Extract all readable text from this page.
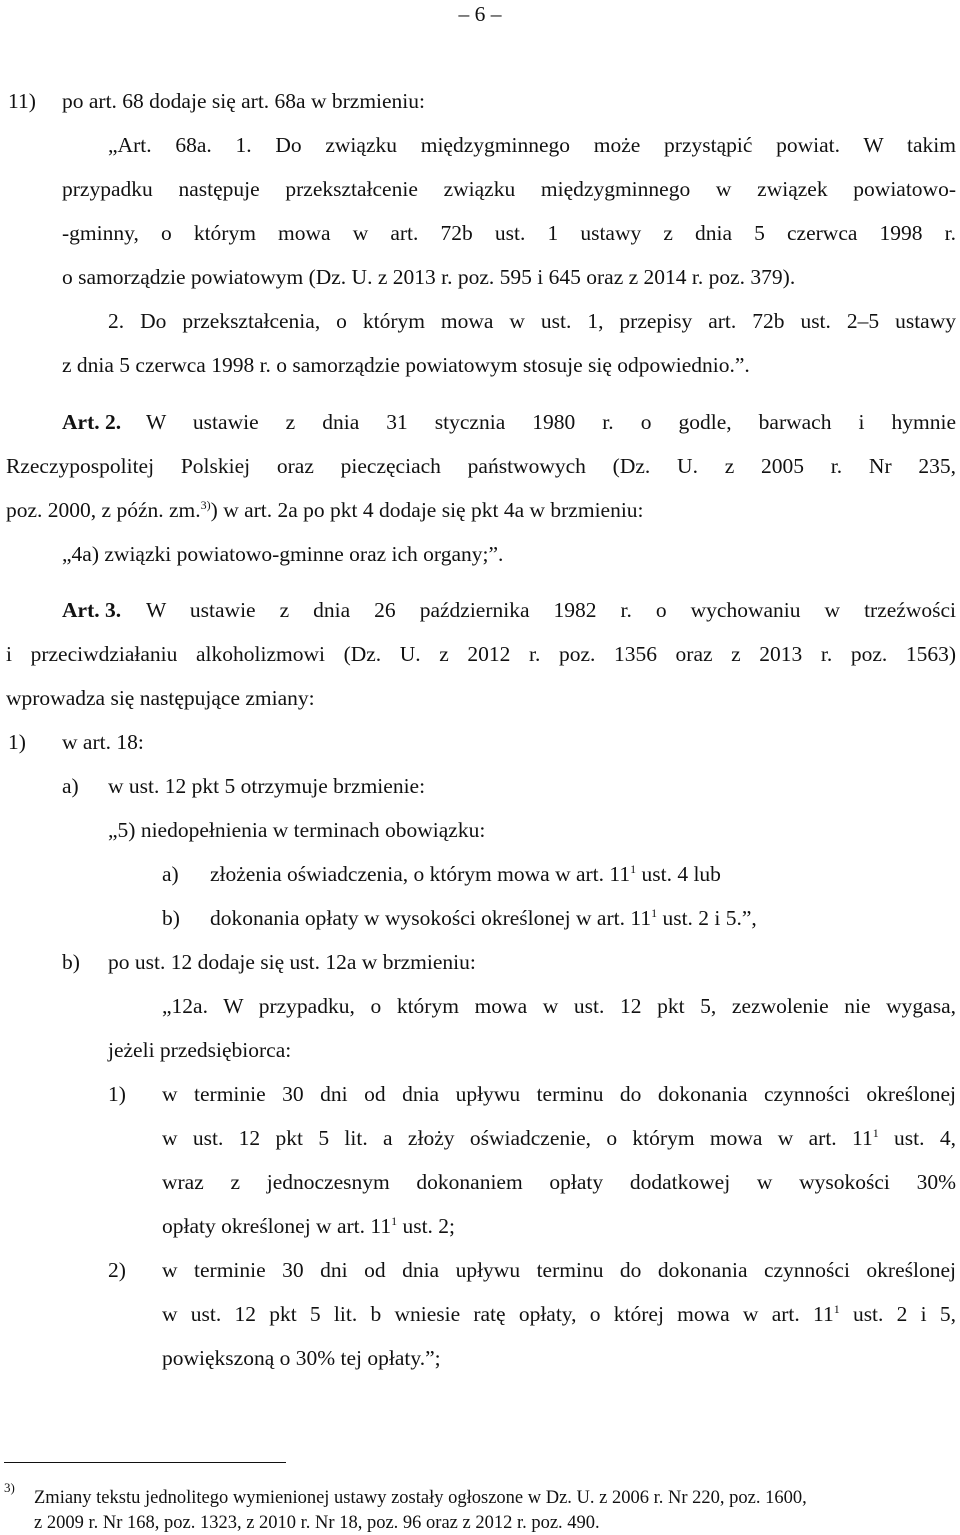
– 6 –
11) po art. 68 dodaje się art. 68a w brzmieniu:
„Art. 68a. 1. Do związku międzygminnego może przystąpić powiat. W takim
przypadku następuje przekształcenie związku międzygminnego w związek powiatowo-
-gminny, o którym mowa w art. 72b ust. 1 ustawy z dnia 5 czerwca 1998 r.
o samorządzie powiatowym (Dz. U. z 2013 r. poz. 595 i 645 oraz z 2014 r. poz. 379).
2. Do przekształcenia, o którym mowa w ust. 1, przepisy art. 72b ust. 2–5 ustawy
z dnia 5 czerwca 1998 r. o samorządzie powiatowym stosuje się odpowiednio.”.
Art. 2. W ustawie z dnia 31 stycznia 1980 r. o godle, barwach i hymnie
Rzeczypospolitej Polskiej oraz pieczęciach państwowych (Dz. U. z 2005 r. Nr 235,
poz. 2000, z późn. zm.$^{3)}$) w art. 2a po pkt 4 dodaje się pkt 4a w brzmieniu:
„4a) związki powiatowo-gminne oraz ich organy;”.
Art. 3. W ustawie z dnia 26 października 1982 r. o wychowaniu w trzeźwości
i przeciwdziałaniu alkoholizmowi (Dz. U. z 2012 r. poz. 1356 oraz z 2013 r. poz. 1563)
wprowadza się następujące zmiany:
1) w art. 18:
a) w ust. 12 pkt 5 otrzymuje brzmienie:
„5) niedopełnienia w terminach obowiązku:
a) złożenia oświadczenia, o którym mowa w art. $11^1$ ust. 4 lub
b) dokonania opłaty w wysokości określonej w art. $11^1$ ust. 2 i 5.”,
b) po ust. 12 dodaje się ust. 12a w brzmieniu:
„12a. W przypadku, o którym mowa w ust. 12 pkt 5, zezwolenie nie wygasa,
jeżeli przedsiębiorca:
1) w terminie 30 dni od dnia upływu terminu do dokonania czynności określonej
w ust. 12 pkt 5 lit. a złoży oświadczenie, o którym mowa w art. $11^1$ ust. 4,
wraz z jednoczesnym dokonaniem opłaty dodatkowej w wysokości 30%
opłaty określonej w art. $11^1$ ust. 2;
2) w terminie 30 dni od dnia upływu terminu do dokonania czynności określonej
w ust. 12 pkt 5 lit. b wniesie ratę opłaty, o której mowa w art. $11^1$ ust. 2 i 5,
powiększoną o 30% tej opłaty.”;
3)
Zmiany tekstu jednolitego wymienionej ustawy zostały ogłoszone w Dz. U. z 2006 r. Nr 220, poz. 1600,
z 2009 r. Nr 168, poz. 1323, z 2010 r. Nr 18, poz. 96 oraz z 2012 r. poz. 490.
